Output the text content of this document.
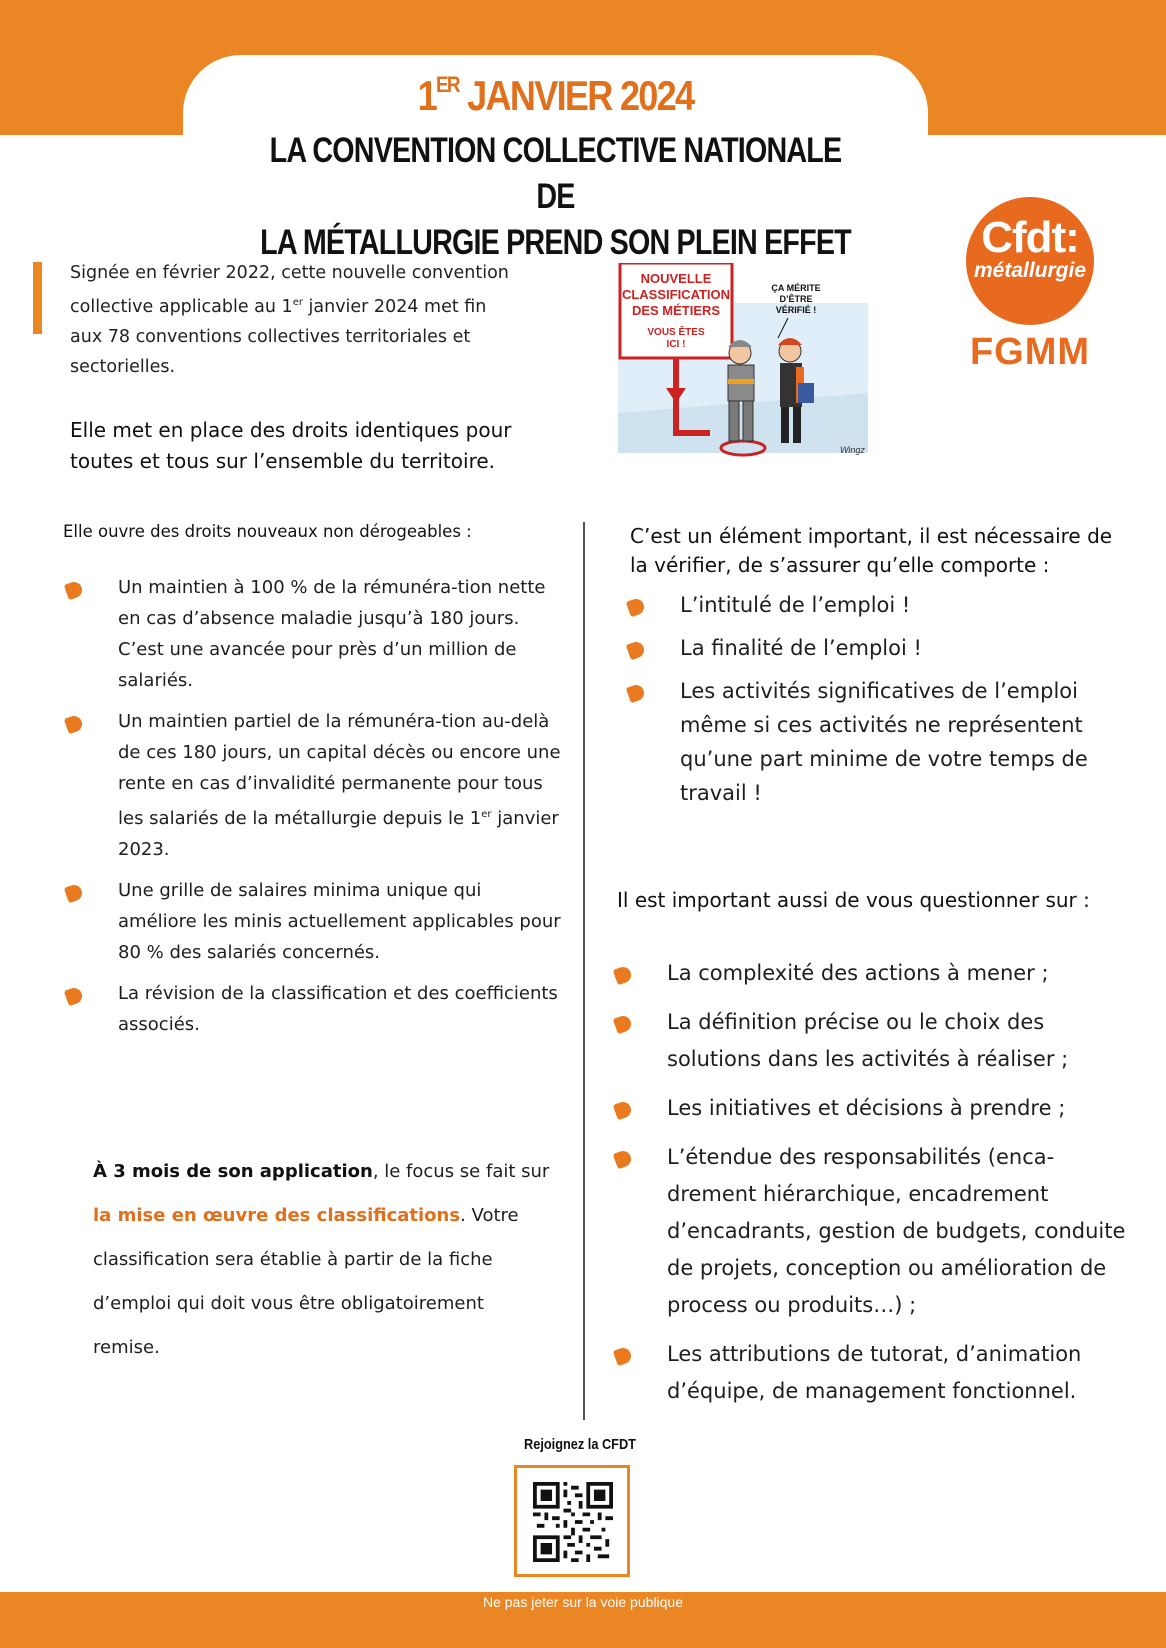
1ER JANVIER 2024
LA CONVENTION COLLECTIVE NATIONALE DE
LA MÉTALLURGIE PREND SON PLEIN EFFET	Cfdt:
métallurgie
FGMM

Signée en février 2022, cette nouvelle convention collective applicable au 1er janvier 2024 met fin aux 78 conventions collectives territoriales et sectorielles.

Elle met en place des droits identiques pour toutes et tous sur l’ensemble du territoire.

NOUVELLE
CLASSIFICATION
DES MÉTIERS
VOUS ÊTES
ICI !
ÇA MÉRITE
D’ÊTRE
VÉRIFIÉ !
Wingz

Elle ouvre des droits nouveaux non dérogeables :

Un maintien à 100 % de la rémunéra-tion nette en cas d’absence maladie jusqu’à 180 jours. C’est une avancée pour près d’un million de salariés.
Un maintien partiel de la rémunéra-tion au-delà de ces 180 jours, un capital décès ou encore une rente en cas d’invalidité permanente pour tous les salariés de la métallurgie depuis le 1er janvier 2023.
Une grille de salaires minima unique qui améliore les minis actuellement applicables pour 80 % des salariés concernés.
La révision de la classification et des coefficients associés.

À 3 mois de son application, le focus se fait sur la mise en œuvre des classifications. Votre classification sera établie à partir de la fiche d’emploi qui doit vous être obligatoirement remise.

C’est un élément important, il est nécessaire de la vérifier, de s’assurer qu’elle comporte :

L’intitulé de l’emploi !
La finalité de l’emploi !
Les activités significatives de l’emploi même si ces activités ne représentent qu’une part minime de votre temps de travail !

Il est important aussi de vous questionner sur :

La complexité des actions à mener ;
La définition précise ou le choix des solutions dans les activités à réaliser ;
Les initiatives et décisions à prendre ;
L’étendue des responsabilités (enca-drement hiérarchique, encadrement d’encadrants, gestion de budgets, conduite de projets, conception ou amélioration de process ou produits…) ;
Les attributions de tutorat, d’animation d’équipe, de management fonctionnel.
Rejoignez la CFDT
Ne pas jeter sur la voie publique
